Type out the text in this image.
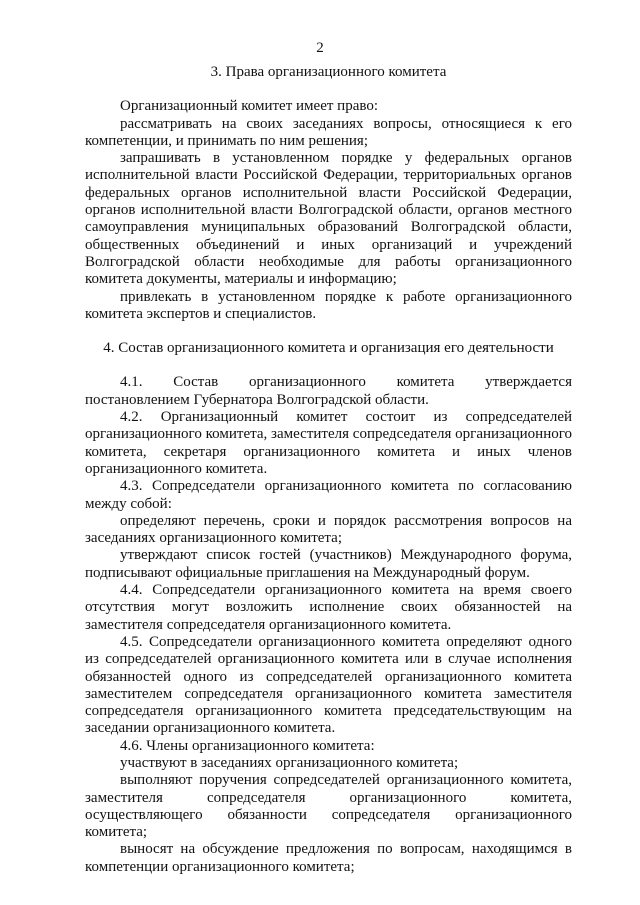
2
3. Права организационного комитета

Организационный комитет имеет право:

рассматривать на своих заседаниях вопросы, относящиеся к его компетенции, и принимать по ним решения;

запрашивать в установленном порядке у федеральных органов исполнительной власти Российской Федерации, территориальных органов федеральных органов исполнительной власти Российской Федерации, органов исполнительной власти Волгоградской области, органов местного самоуправления муниципальных образований Волгоградской области, общественных объединений и иных организаций и учреждений Волгоградской области необходимые для работы организационного комитета документы, материалы и информацию;

привлекать в установленном порядке к работе организационного комитета экспертов и специалистов.

4. Состав организационного комитета и организация его деятельности

4.1. Состав организационного комитета утверждается постановлением Губернатора Волгоградской области.

4.2. Организационный комитет состоит из сопредседателей организационного комитета, заместителя сопредседателя организационного комитета, секретаря организационного комитета и иных членов организационного комитета.

4.3. Сопредседатели организационного комитета по согласованию между собой:

определяют перечень, сроки и порядок рассмотрения вопросов на заседаниях организационного комитета;

утверждают список гостей (участников) Международного форума, подписывают официальные приглашения на Международный форум.

4.4. Сопредседатели организационного комитета на время своего отсутствия могут возложить исполнение своих обязанностей на заместителя сопредседателя организационного комитета.

4.5. Сопредседатели организационного комитета определяют одного из сопредседателей организационного комитета или в случае исполнения обязанностей одного из сопредседателей организационного комитета заместителем сопредседателя организационного комитета заместителя сопредседателя организационного комитета председательствующим на заседании организационного комитета.

4.6. Члены организационного комитета:

участвуют в заседаниях организационного комитета;

выполняют поручения сопредседателей организационного комитета, заместителя сопредседателя организационного комитета, осуществляющего обязанности сопредседателя организационного комитета;

выносят на обсуждение предложения по вопросам, находящимся в компетенции организационного комитета;
